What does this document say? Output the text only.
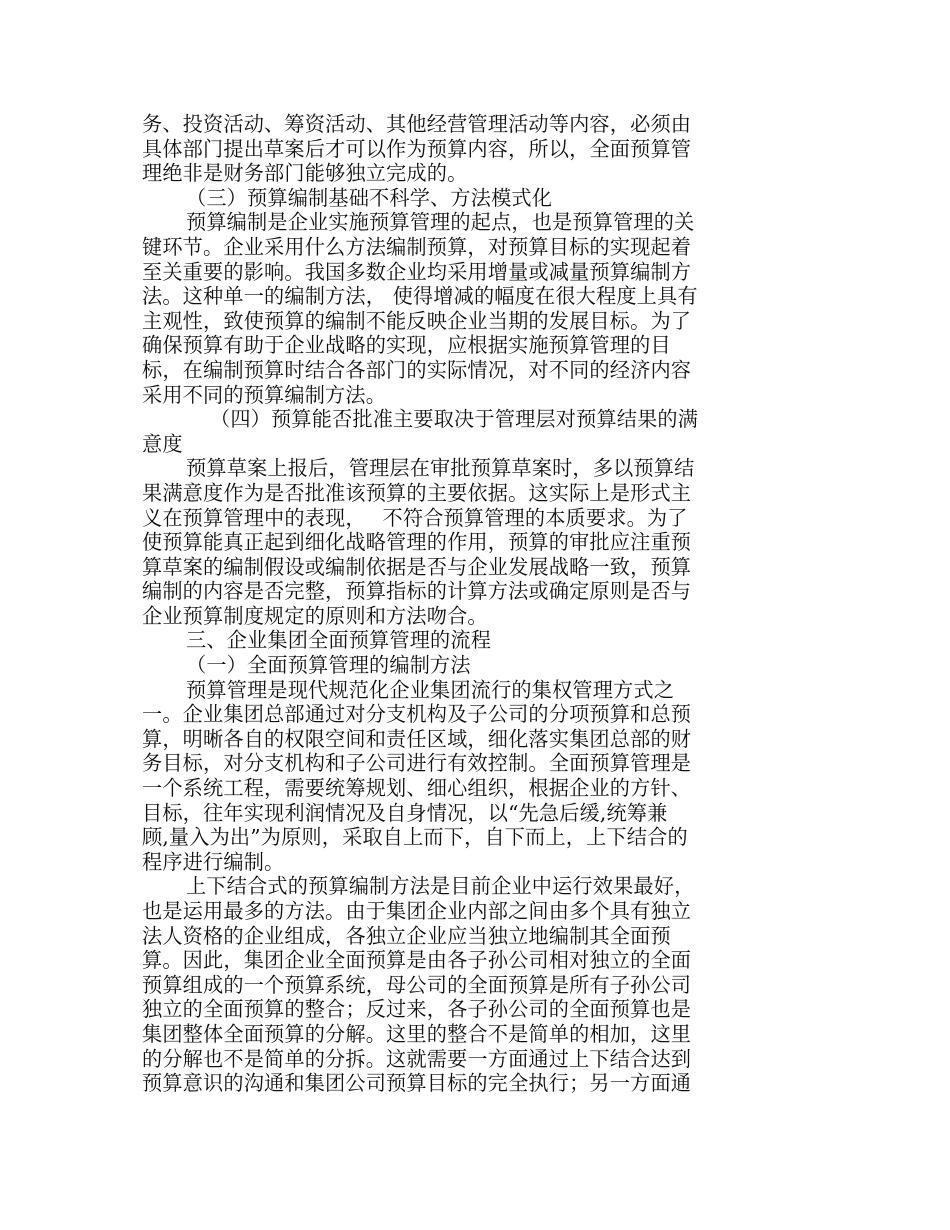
务、投资活动、筹资活动、其他经营管理活动等内容，必须由
具体部门提出草案后才可以作为预算内容，所以，全面预算管
理绝非是财务部门能够独立完成的。
（三）预算编制基础不科学、方法模式化
预算编制是企业实施预算管理的起点，也是预算管理的关
键环节。企业采用什么方法编制预算，对预算目标的实现起着
至关重要的影响。我国多数企业均采用增量或减量预算编制方
法。这种单一的编制方法， 使得增减的幅度在很大程度上具有
主观性，致使预算的编制不能反映企业当期的发展目标。为了
确保预算有助于企业战略的实现，应根据实施预算管理的目
标，在编制预算时结合各部门的实际情况，对不同的经济内容
采用不同的预算编制方法。
（四）预算能否批准主要取决于管理层对预算结果的满
意度
预算草案上报后，管理层在审批预算草案时，多以预算结
果满意度作为是否批准该预算的主要依据。这实际上是形式主
义在预算管理中的表现，　 不符合预算管理的本质要求。为了
使预算能真正起到细化战略管理的作用，预算的审批应注重预
算草案的编制假设或编制依据是否与企业发展战略一致，预算
编制的内容是否完整，预算指标的计算方法或确定原则是否与
企业预算制度规定的原则和方法吻合。
三、企业集团全面预算管理的流程
（一）全面预算管理的编制方法
预算管理是现代规范化企业集团流行的集权管理方式之
一。企业集团总部通过对分支机构及子公司的分项预算和总预
算，明晰各自的权限空间和责任区域，细化落实集团总部的财
务目标，对分支机构和子公司进行有效控制。全面预算管理是
一个系统工程，需要统筹规划、细心组织，根据企业的方针、
目标，往年实现利润情况及自身情况，以“先急后缓,统筹兼
顾,量入为出”为原则，采取自上而下，自下而上，上下结合的
程序进行编制。
上下结合式的预算编制方法是目前企业中运行效果最好，
也是运用最多的方法。由于集团企业内部之间由多个具有独立
法人资格的企业组成，各独立企业应当独立地编制其全面预
算。因此，集团企业全面预算是由各子孙公司相对独立的全面
预算组成的一个预算系统，母公司的全面预算是所有子孙公司
独立的全面预算的整合；反过来，各子孙公司的全面预算也是
集团整体全面预算的分解。这里的整合不是简单的相加，这里
的分解也不是简单的分拆。这就需要一方面通过上下结合达到
预算意识的沟通和集团公司预算目标的完全执行；另一方面通
